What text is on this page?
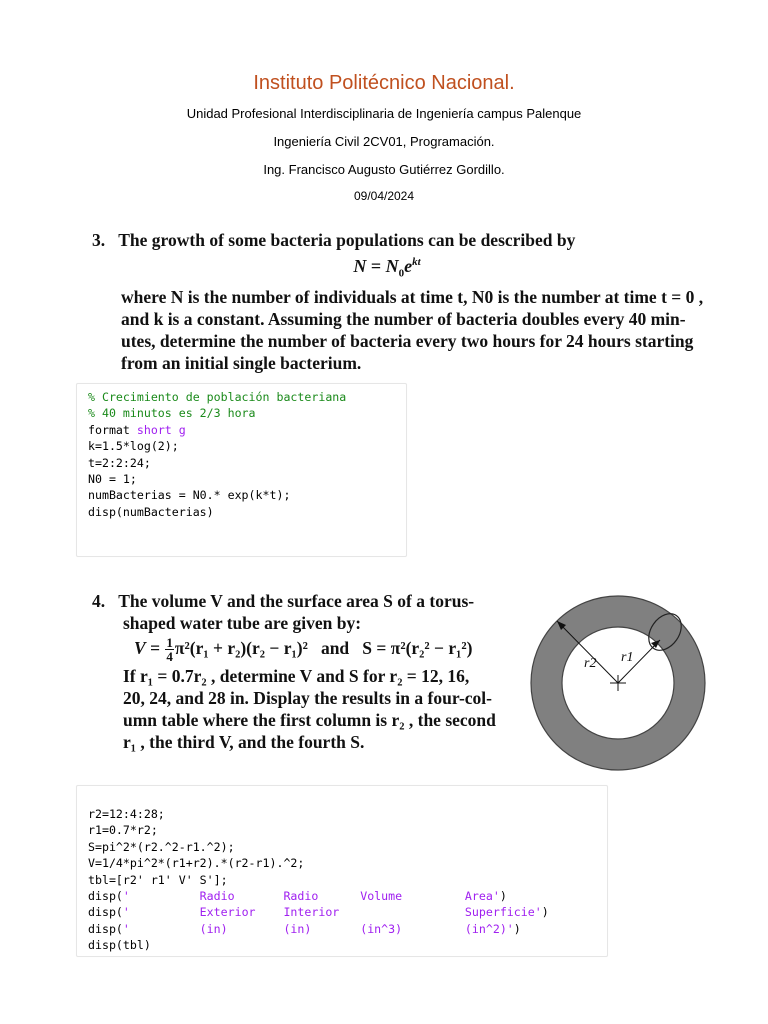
Instituto Politécnico Nacional.
Unidad Profesional Interdisciplinaria de Ingeniería campus Palenque
Ingeniería Civil 2CV01, Programación.
Ing. Francisco Augusto Gutiérrez Gordillo.
09/04/2024
3. The growth of some bacteria populations can be described by
$N = N_0e^{kt}$
where N is the number of individuals at time t, N0 is the number at time t = 0 ,
and k is a constant. Assuming the number of bacteria doubles every 40 min-
utes, determine the number of bacteria every two hours for 24 hours starting
from an initial single bacterium.
% Crecimiento de población bacteriana
% 40 minutos es 2/3 hora
format short g
k=1.5*log(2);
t=2:2:24;
N0 = 1;
numBacterias = N0.* exp(k*t);
disp(numBacterias)
4. The volume V and the surface area S of a torus-
shaped water tube are given by:
$V = \frac{1}{4} \pi^2(r_1 + r_2)(r_2 - r_1)^2$ and S = π²(r₂² − r₁²)
If r₁ = 0.7r₂ , determine V and S for r₂ = 12, 16,
20, 24, and 28 in. Display the results in a four-col-
umn table where the first column is r₂ , the second
r₁ , the third V, and the fourth S.
r2 r1
r2=12:4:28;
r1=0.7*r2;
S=pi^2*(r2.^2-r1.^2);
V=1/4*pi^2*(r1+r2).*(r2-r1).^2;
tbl=[r2' r1' V' S'];
disp('          Radio       Radio      Volume         Area')
disp('          Exterior    Interior                  Superficie')
disp('          (in)        (in)       (in^3)         (in^2)')
disp(tbl)
